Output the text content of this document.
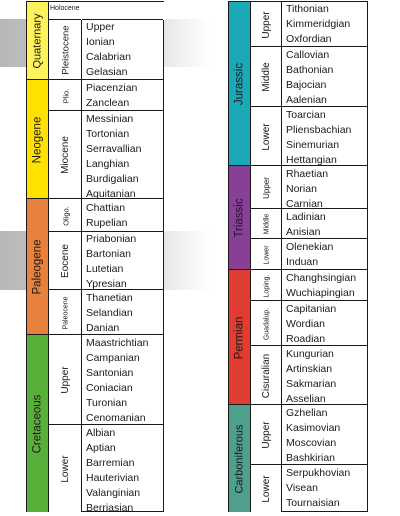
Quaternary
Neogene
Paleogene
Cretaceous
Holocene
Pleistocene
Plio.
Miocene
Oligo.
Eocene
Paleocene
Upper
Lower
Upper
Ionian
Calabrian
Gelasian
Piacenzian
Zanclean
Messinian
Tortonian
Serravallian
Langhian
Burdigalian
Aquitanian
Chattian
Rupelian
Priabonian
Bartonian
Lutetian
Ypresian
Thanetian
Selandian
Danian
Maastrichtian
Campanian
Santonian
Coniacian
Turonian
Cenomanian
Albian
Aptian
Barremian
Hauterivian
Valanginian
Berriasian
Jurassic
Triassic
Permian
Carboniferous
Upper
Middle
Lower
Upper
Middle
Lower
Loping.
Guadalup.
Cisuralian
Upper
Lower
Tithonian
Kimmeridgian
Oxfordian
Callovian
Bathonian
Bajocian
Aalenian
Toarcian
Pliensbachian
Sinemurian
Hettangian
Rhaetian
Norian
Carnian
Ladinian
Anisian
Olenekian
Induan
Changhsingian
Wuchiapingian
Capitanian
Wordian
Roadian
Kungurian
Artinskian
Sakmarian
Asselian
Gzhelian
Kasimovian
Moscovian
Bashkirian
Serpukhovian
Visean
Tournaisian
